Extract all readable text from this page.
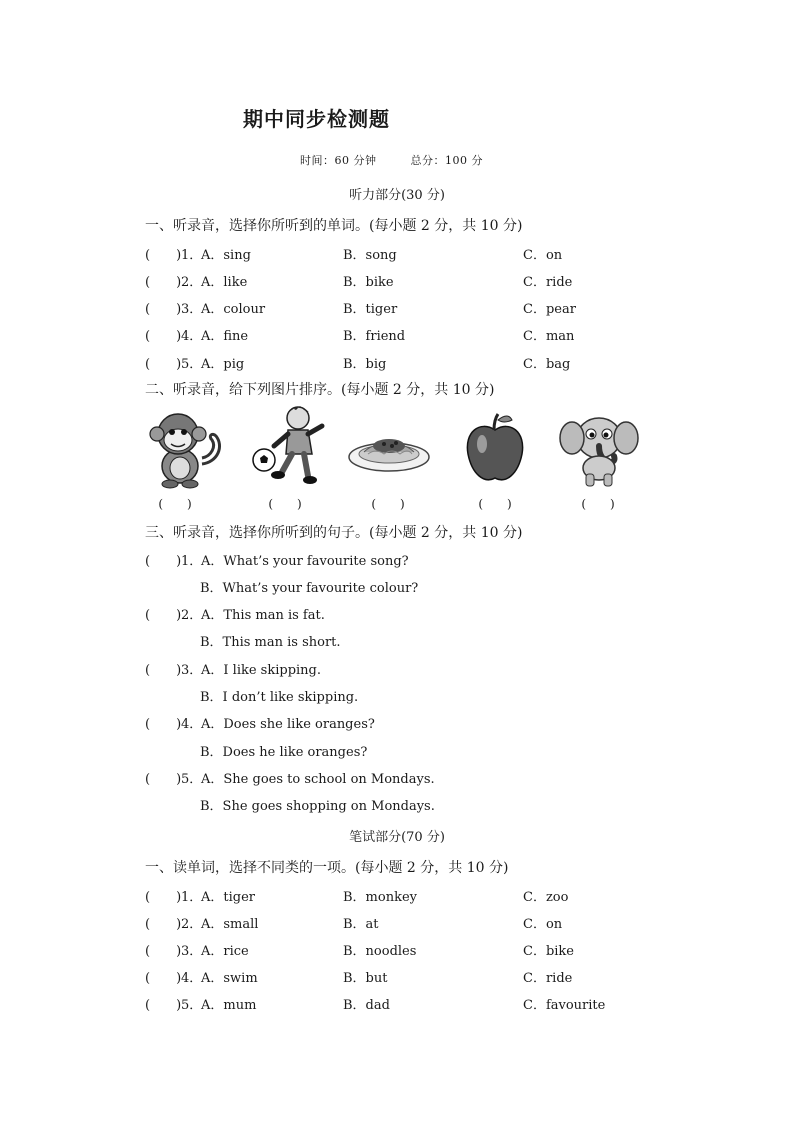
期中同步检测题
时间：60 分钟	总分：100 分
听力部分(30 分)
一、听录音，选择你所听到的单词。(每小题 2 分，共 10 分)
(　　) 1．
A．sing	B．song	C．on
(　　) 2．
A．like	B．bike	C．ride
(　　) 3．
A．colour	B．tiger	C．pear
(　　) 4．
A．fine	B．friend	C．man
(　　) 5．
A．pig	B．big	C．bag
二、听录音，给下列图片排序。(每小题 2 分，共 10 分)
(　　)	(　　)	(　　)	(　　)	(　　)
三、听录音，选择你所听到的句子。(每小题 2 分，共 10 分)
(　　) 1．
A．What’s your favourite song?
B．What’s your favourite colour?
(　　) 2．
A．This man is fat.
B．This man is short.
(　　) 3．
A．I like skipping.
B．I don’t like skipping.
(　　) 4．
A．Does she like oranges?
B．Does he like oranges?
(　　) 5．
A．She goes to school on Mondays.
B．She goes shopping on Mondays.
笔试部分(70 分)
一、读单词，选择不同类的一项。(每小题 2 分，共 10 分)
(　　) 1．
A．tiger	B．monkey	C．zoo
(　　) 2．
A．small	B．at	C．on
(　　) 3．
A．rice	B．noodles	C．bike
(　　) 4．
A．swim	B．but	C．ride
(　　) 5．
A．mum	B．dad	C．favourite
